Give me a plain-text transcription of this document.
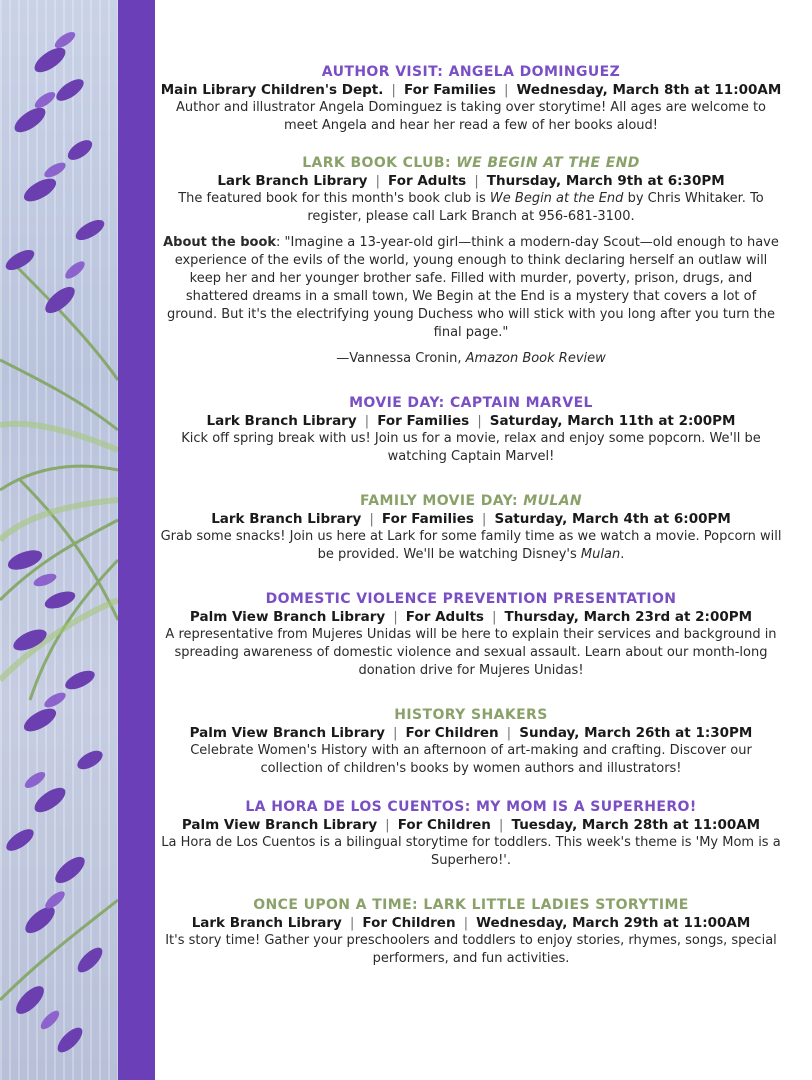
AUTHOR VISIT: ANGELA DOMINGUEZ
Main Library Children's Dept. | For Families | Wednesday, March 8th at 11:00AM

Author and illustrator Angela Dominguez is taking over storytime! All ages are welcome to meet Angela and hear her read a few of her books aloud!

LARK BOOK CLUB: WE BEGIN AT THE END
Lark Branch Library | For Adults | Thursday, March 9th at 6:30PM

The featured book for this month's book club is We Begin at the End by Chris Whitaker. To register, please call Lark Branch at 956-681-3100.

About the book: "Imagine a 13-year-old girl—think a modern-day Scout—old enough to have experience of the evils of the world, young enough to think declaring herself an outlaw will keep her and her younger brother safe. Filled with murder, poverty, prison, drugs, and shattered dreams in a small town, We Begin at the End is a mystery that covers a lot of ground. But it's the electrifying young Duchess who will stick with you long after you turn the final page."

—Vannessa Cronin, Amazon Book Review

MOVIE DAY: CAPTAIN MARVEL
Lark Branch Library | For Families | Saturday, March 11th at 2:00PM

Kick off spring break with us! Join us for a movie, relax and enjoy some popcorn. We'll be watching Captain Marvel!

FAMILY MOVIE DAY: MULAN
Lark Branch Library | For Families | Saturday, March 4th at 6:00PM

Grab some snacks! Join us here at Lark for some family time as we watch a movie. Popcorn will be provided. We'll be watching Disney's Mulan.

DOMESTIC VIOLENCE PREVENTION PRESENTATION
Palm View Branch Library | For Adults | Thursday, March 23rd at 2:00PM

A representative from Mujeres Unidas will be here to explain their services and background in spreading awareness of domestic violence and sexual assault. Learn about our month-long donation drive for Mujeres Unidas!

HISTORY SHAKERS
Palm View Branch Library | For Children | Sunday, March 26th at 1:30PM

Celebrate Women's History with an afternoon of art-making and crafting. Discover our collection of children's books by women authors and illustrators!

LA HORA DE LOS CUENTOS: MY MOM IS A SUPERHERO!
Palm View Branch Library | For Children | Tuesday, March 28th at 11:00AM

La Hora de Los Cuentos is a bilingual storytime for toddlers. This week's theme is 'My Mom is a Superhero!'.

ONCE UPON A TIME: LARK LITTLE LADIES STORYTIME
Lark Branch Library | For Children | Wednesday, March 29th at 11:00AM

It's story time! Gather your preschoolers and toddlers to enjoy stories, rhymes, songs, special performers, and fun activities.
